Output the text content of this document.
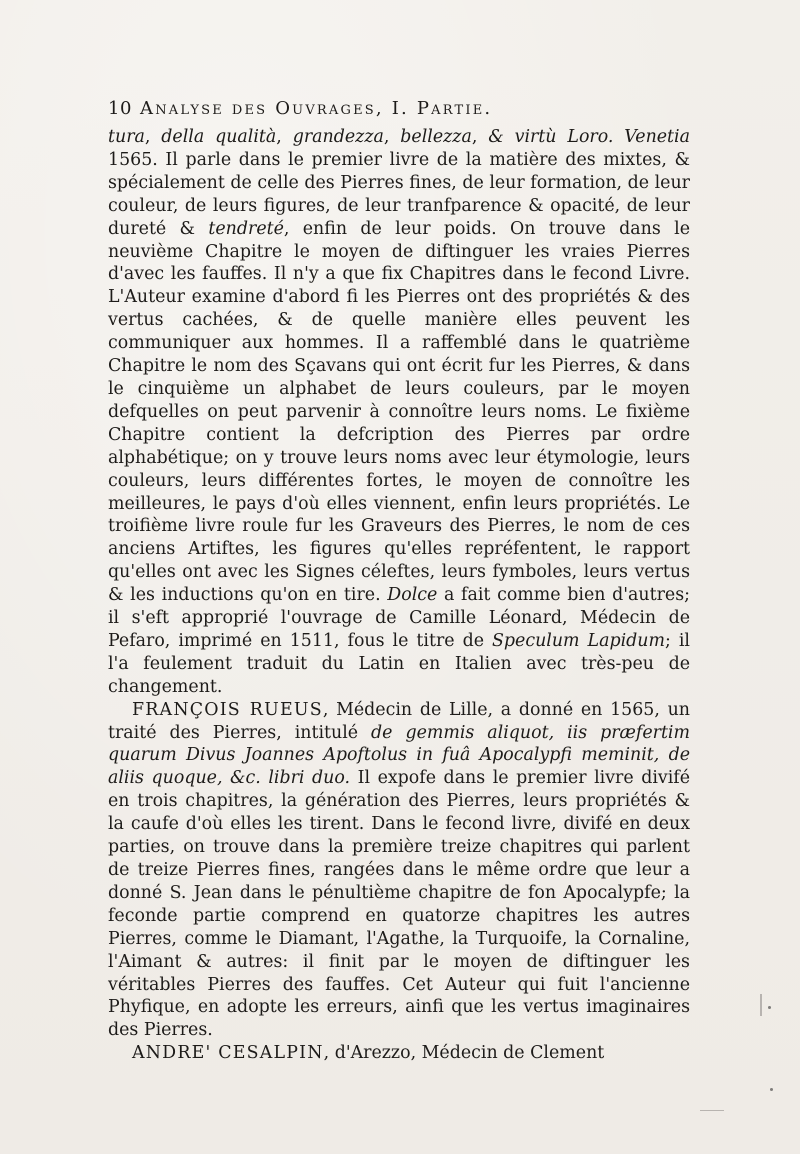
10 Analyse des Ouvrages, I. Partie.

tura, della qualità, grandezza, bellezza, & virtù Loro. Venetia 1565. Il parle dans le premier livre de la matière des mixtes, & spécialement de celle des Pierres fines, de leur formation, de leur couleur, de leurs figures, de leur tranfparence & opacité, de leur dureté & tendreté, enfin de leur poids. On trouve dans le neuvième Chapitre le moyen de diftinguer les vraies Pierres d'avec les fauffes. Il n'y a que fix Chapitres dans le fecond Livre. L'Auteur examine d'abord fi les Pierres ont des propriétés & des vertus cachées, & de quelle manière elles peuvent les communiquer aux hommes. Il a raffemblé dans le quatrième Chapitre le nom des Sçavans qui ont écrit fur les Pierres, & dans le cinquième un alphabet de leurs couleurs, par le moyen defquelles on peut parvenir à connoître leurs noms. Le fixième Chapitre contient la defcription des Pierres par ordre alphabétique; on y trouve leurs noms avec leur étymologie, leurs couleurs, leurs différentes fortes, le moyen de connoître les meilleures, le pays d'où elles viennent, enfin leurs propriétés. Le troifième livre roule fur les Graveurs des Pierres, le nom de ces anciens Artiftes, les figures qu'elles repréfentent, le rapport qu'elles ont avec les Signes céleftes, leurs fymboles, leurs vertus & les inductions qu'on en tire. Dolce a fait comme bien d'autres; il s'eft approprié l'ouvrage de Camille Léonard, Médecin de Pefaro, imprimé en 1511, fous le titre de Speculum Lapidum; il l'a feulement traduit du Latin en Italien avec très-peu de changement.

FRANÇOIS RUEUS, Médecin de Lille, a donné en 1565, un traité des Pierres, intitulé de gemmis aliquot, iis præfertim quarum Divus Joannes Apoftolus in fuâ Apocalypfi meminit, de aliis quoque, &c. libri duo. Il expofe dans le premier livre divifé en trois chapitres, la génération des Pierres, leurs propriétés & la caufe d'où elles les tirent. Dans le fecond livre, divifé en deux parties, on trouve dans la première treize chapitres qui parlent de treize Pierres fines, rangées dans le même ordre que leur a donné S. Jean dans le pénultième chapitre de fon Apocalypfe; la feconde partie comprend en quatorze chapitres les autres Pierres, comme le Diamant, l'Agathe, la Turquoife, la Cornaline, l'Aimant & autres: il finit par le moyen de diftinguer les véritables Pierres des fauffes. Cet Auteur qui fuit l'ancienne Phyfique, en adopte les erreurs, ainfi que les vertus imaginaires des Pierres.

ANDRE' CESALPIN, d'Arezzo, Médecin de Clement
